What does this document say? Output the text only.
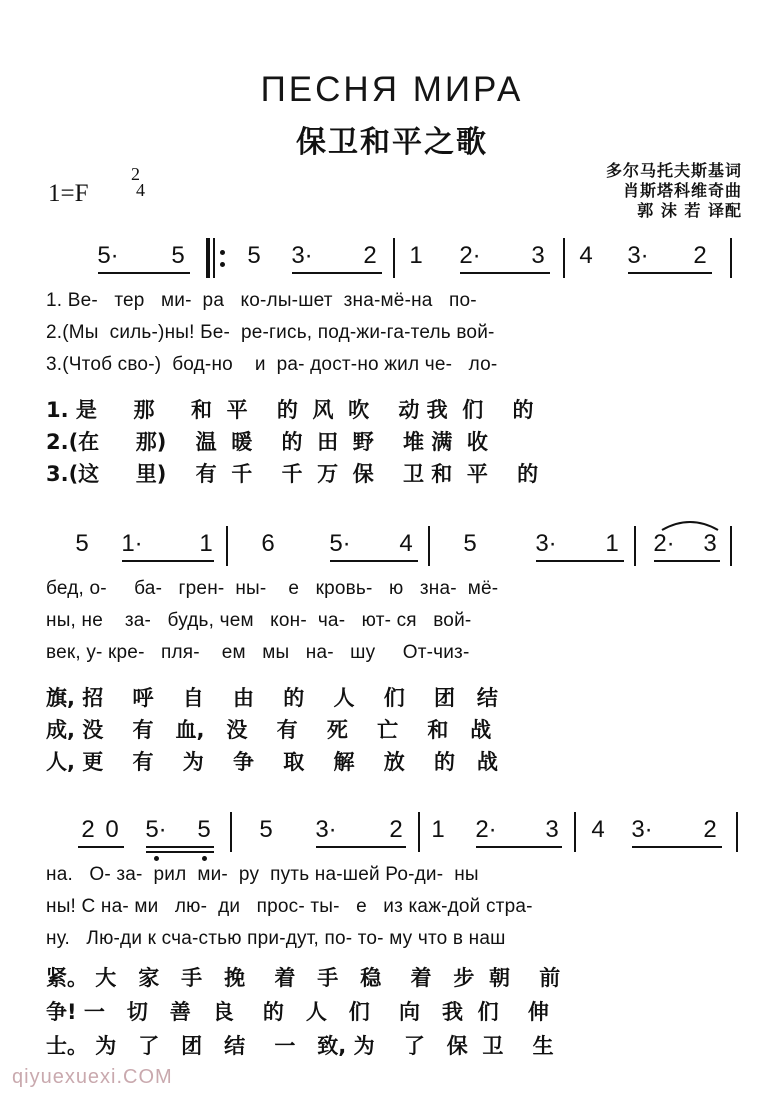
ПЕСНЯ МИРА
保卫和平之歌
多尔马托夫斯基词
肖斯塔科维奇曲
郭 沫 若 译配
1=F
2
4
5· 5	5 3· 2 1 2· 3 4 3· 2
1. Ве-   тер   ми-  ра   ко-лы-шет  зна-мё-на   по-
2.(Мы  силь-)ны! Бе-  ре-гись, под-жи-га-тель вой-
3.(Чтоб сво-)  бод-но    и  ра- дост-но жил че-   ло-
1. 是     那     和  平    的  风  吹    动 我  们    的
2.(在     那)    温  暖    的  田  野    堆 满  收
3.(这     里)    有  千    千  万  保    卫 和  平    的
5 1· 1 6 5· 4 5 3· 1 2· 3
бед, о-     ба-   грен-  ны-    е   кровь-   ю   зна-  мё-
ны, не    за-   будь, чем   кон-  ча-   ют- ся   вой-
век, у- кре-   пля-    ем   мы   на-   шу     От-чиз-
旗, 招    呼    自    由    的    人    们    团   结
成, 没    有   血,   没    有    死    亡    和   战
人, 更    有    为    争    取    解    放    的   战
2 0 5· 5 5 3· 2 1 2· 3 4 3· 2
на.   О- за-  рил  ми-  ру  путь на-шей Ро-ди-  ны
ны! С на- ми   лю-  ди   прос- ты-   е   из каж-дой стра-
ну.   Лю-ди к сча-стью при-дут, по- то- му что в наш
紧。 大   家   手   挽    着   手   稳    着   步  朝    前
争! 一   切   善   良    的   人   们    向   我  们    伸
士。 为   了   团   结    一   致, 为    了   保  卫    生
qiyuexuexi.COM
